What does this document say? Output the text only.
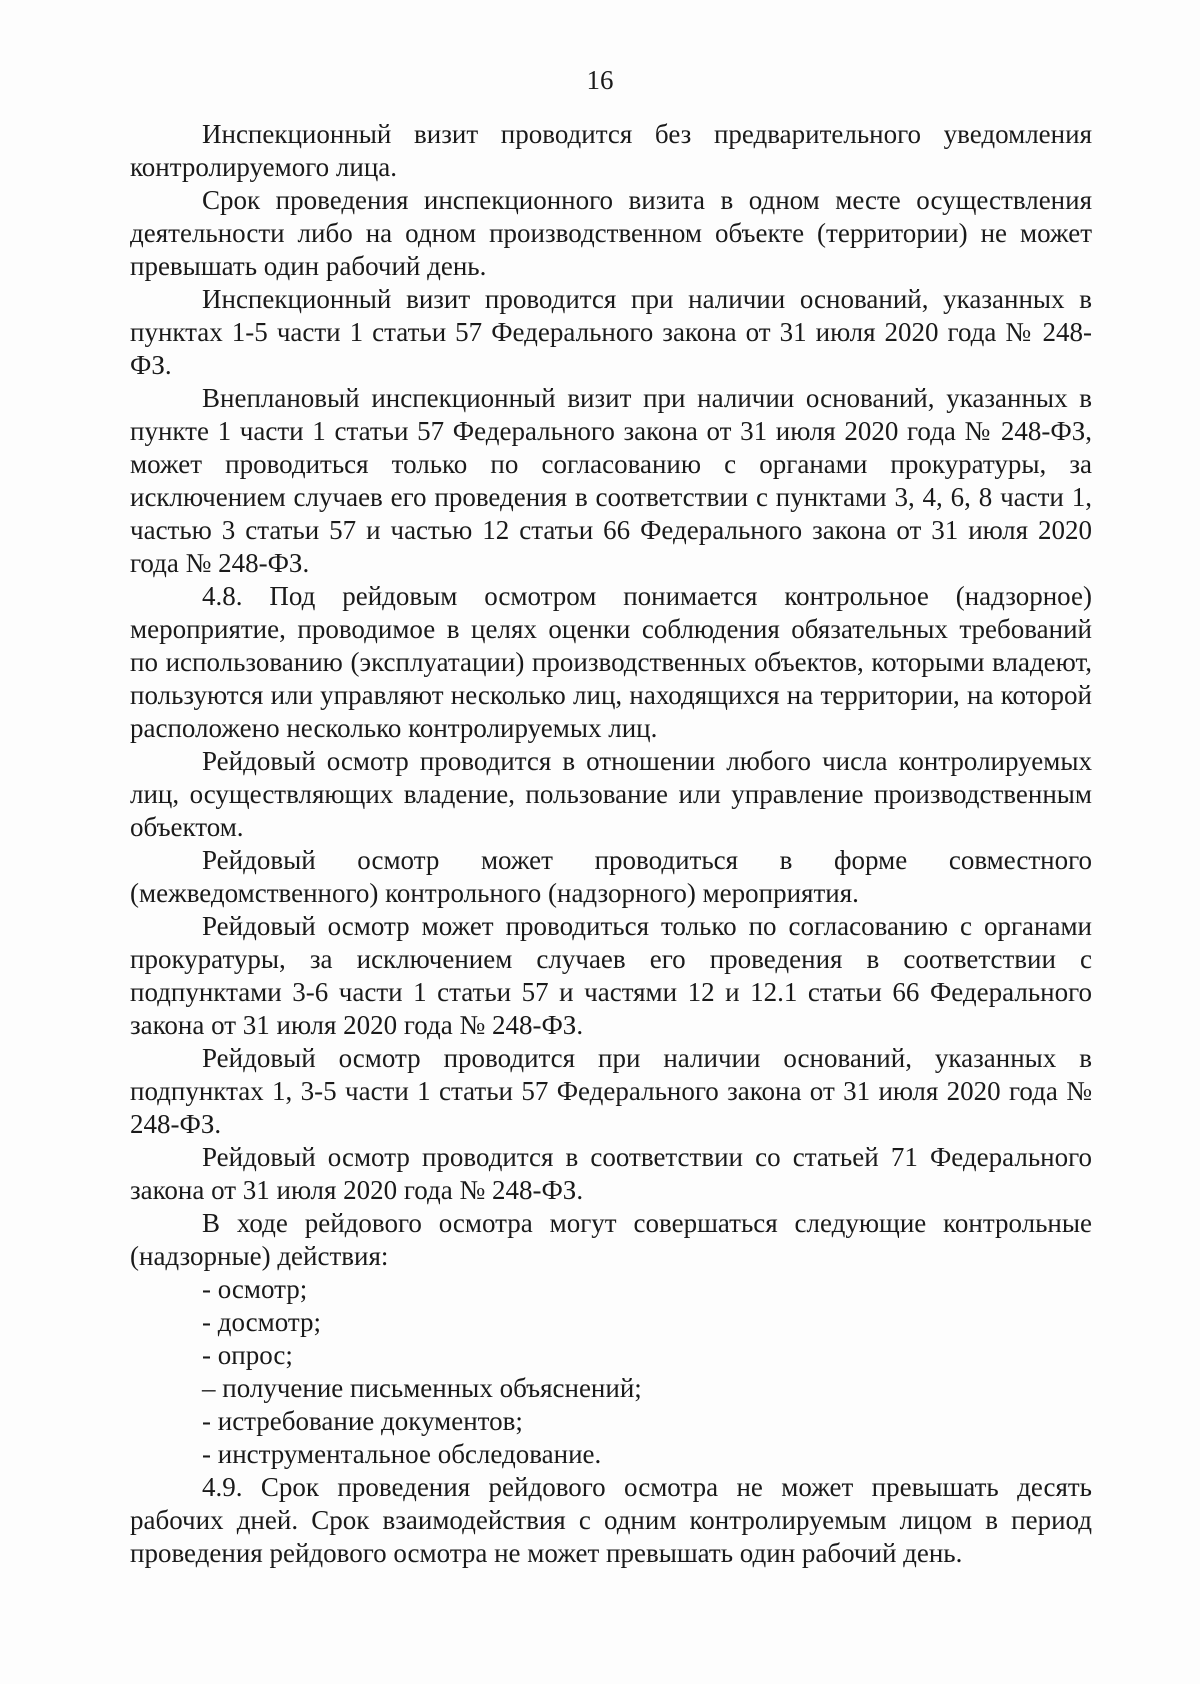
16

Инспекционный визит проводится без предварительного уведомления контролируемого лица.

Срок проведения инспекционного визита в одном месте осуществления деятельности либо на одном производственном объекте (территории) не может превышать один рабочий день.

Инспекционный визит проводится при наличии оснований, указанных в пунктах 1-5 части 1 статьи 57 Федерального закона от 31 июля 2020 года № 248-ФЗ.

Внеплановый инспекционный визит при наличии оснований, указанных в пункте 1 части 1 статьи 57 Федерального закона от 31 июля 2020 года № 248-ФЗ, может проводиться только по согласованию с органами прокуратуры, за исключением случаев его проведения в соответствии с пунктами 3, 4, 6, 8 части 1, частью 3 статьи 57 и частью 12 статьи 66 Федерального закона от 31 июля 2020 года № 248-ФЗ.

4.8. Под рейдовым осмотром понимается контрольное (надзорное) мероприятие, проводимое в целях оценки соблюдения обязательных требований по использованию (эксплуатации) производственных объектов, которыми владеют, пользуются или управляют несколько лиц, находящихся на территории, на которой расположено несколько контролируемых лиц.

Рейдовый осмотр проводится в отношении любого числа контролируемых лиц, осуществляющих владение, пользование или управление производственным объектом.

Рейдовый осмотр может проводиться в форме совместного (межведомственного) контрольного (надзорного) мероприятия.

Рейдовый осмотр может проводиться только по согласованию с органами прокуратуры, за исключением случаев его проведения в соответствии с подпунктами 3-6 части 1 статьи 57 и частями 12 и 12.1 статьи 66 Федерального закона от 31 июля 2020 года № 248-ФЗ.

Рейдовый осмотр проводится при наличии оснований, указанных в подпунктах 1, 3-5 части 1 статьи 57 Федерального закона от 31 июля 2020 года № 248-ФЗ.

Рейдовый осмотр проводится в соответствии со статьей 71 Федерального закона от 31 июля 2020 года № 248-ФЗ.

В ходе рейдового осмотра могут совершаться следующие контрольные (надзорные) действия:

- осмотр;

- досмотр;

- опрос;

– получение письменных объяснений;

- истребование документов;

- инструментальное обследование.

4.9. Срок проведения рейдового осмотра не может превышать десять рабочих дней. Срок взаимодействия с одним контролируемым лицом в период проведения рейдового осмотра не может превышать один рабочий день.
